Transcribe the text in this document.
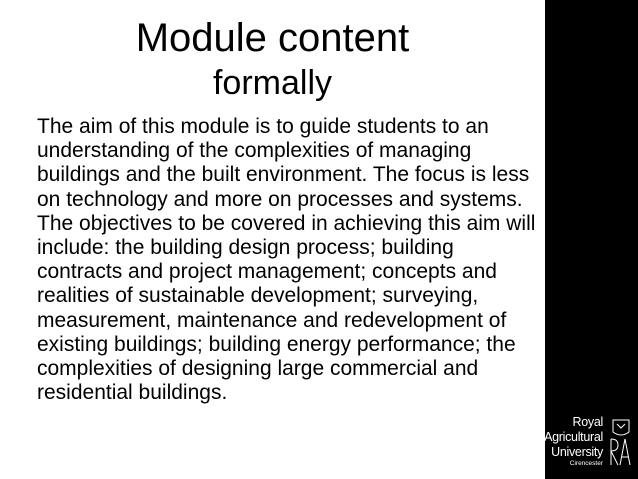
Module content
formally
The aim of this module is to guide students to an understanding of the complexities of managing buildings and the built environment. The focus is less on technology and more on processes and systems. The objectives to be covered in achieving this aim will include: the building design process; building contracts and project management; concepts and realities of sustainable development; surveying, measurement, maintenance and redevelopment of existing buildings; building energy performance; the complexities of designing large commercial and residential buildings.
Royal
Agricultural
University
Cirencester
